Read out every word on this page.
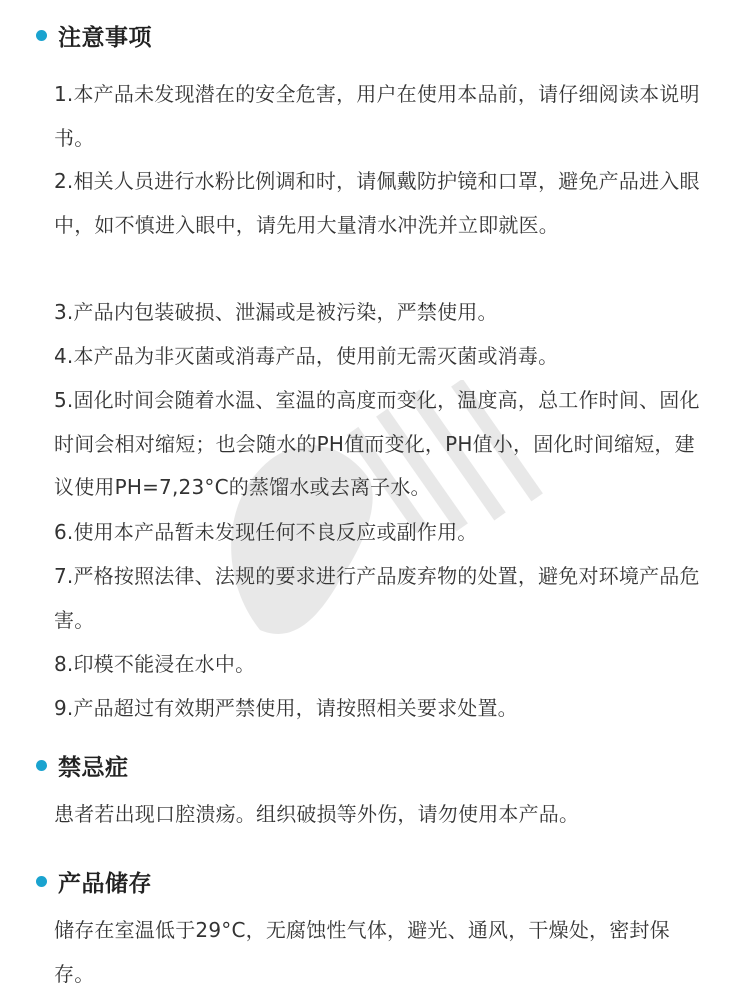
注意事项

1.本产品未发现潜在的安全危害，用户在使用本品前，请仔细阅读本说明书。

2.相关人员进行水粉比例调和时，请佩戴防护镜和口罩，避免产品进入眼中，如不慎进入眼中，请先用大量清水冲洗并立即就医。

3.产品内包装破损、泄漏或是被污染，严禁使用。

4.本产品为非灭菌或消毒产品，使用前无需灭菌或消毒。

5.固化时间会随着水温、室温的高度而变化，温度高，总工作时间、固化时间会相对缩短；也会随水的PH值而变化，PH值小，固化时间缩短，建议使用PH=7,23°C的蒸馏水或去离子水。

6.使用本产品暂未发现任何不良反应或副作用。

7.严格按照法律、法规的要求进行产品废弃物的处置，避免对环境产品危害。

8.印模不能浸在水中。

9.产品超过有效期严禁使用，请按照相关要求处置。

禁忌症

患者若出现口腔溃疡。组织破损等外伤，请勿使用本产品。

产品储存

储存在室温低于29°C，无腐蚀性气体，避光、通风，干燥处，密封保存。
